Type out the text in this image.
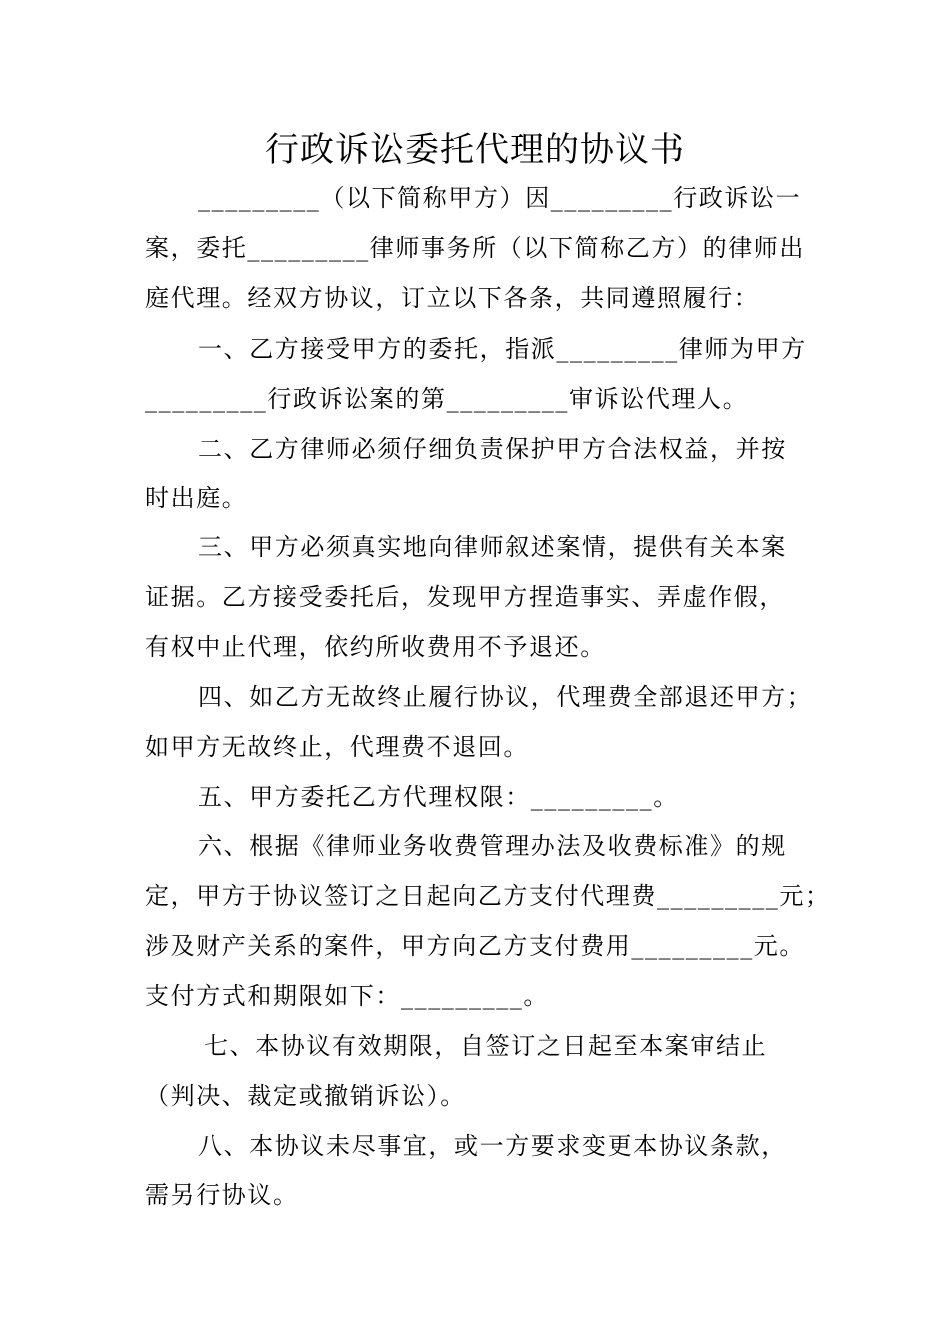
行政诉讼委托代理的协议书
_________（以下简称甲方）因_________行政诉讼一
案，委托_________律师事务所（以下简称乙方）的律师出
庭代理。经双方协议，订立以下各条，共同遵照履行：
一、乙方接受甲方的委托，指派_________律师为甲方
_________行政诉讼案的第_________审诉讼代理人。
二、乙方律师必须仔细负责保护甲方合法权益，并按
时出庭。
三、甲方必须真实地向律师叙述案情，提供有关本案
证据。乙方接受委托后，发现甲方捏造事实、弄虚作假，
有权中止代理，依约所收费用不予退还。
四、如乙方无故终止履行协议，代理费全部退还甲方；
如甲方无故终止，代理费不退回。
五、甲方委托乙方代理权限：_________。
六、根据《律师业务收费管理办法及收费标准》的规
定，甲方于协议签订之日起向乙方支付代理费_________元；
涉及财产关系的案件，甲方向乙方支付费用_________元。
支付方式和期限如下：_________。
七、本协议有效期限，自签订之日起至本案审结止
（判决、裁定或撤销诉讼）。
八、本协议未尽事宜，或一方要求变更本协议条款，
需另行协议。
